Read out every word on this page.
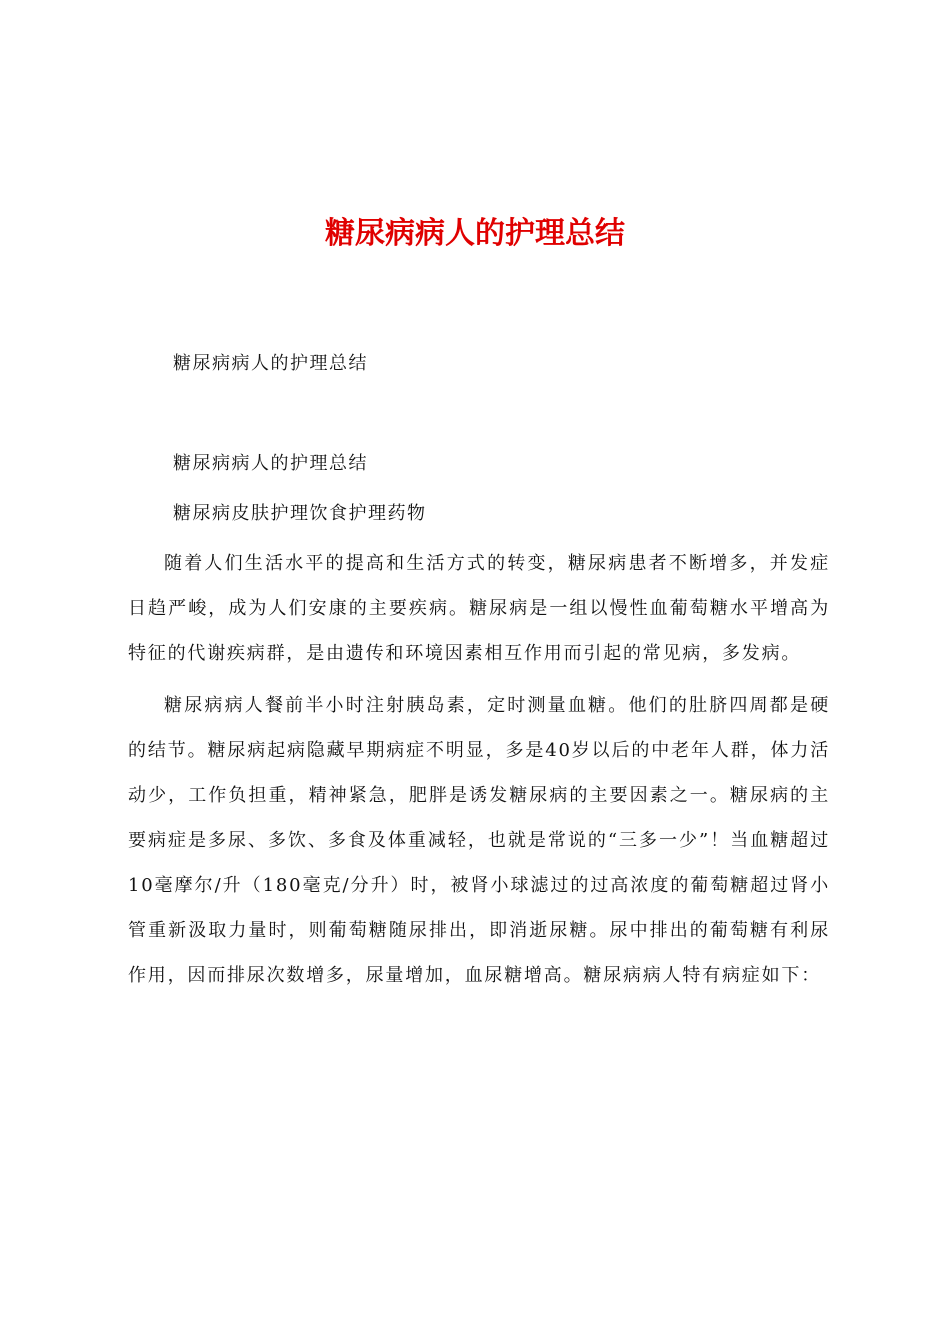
糖尿病病人的护理总结

糖尿病病人的护理总结

糖尿病病人的护理总结

糖尿病皮肤护理饮食护理药物

随着人们生活水平的提高和生活方式的转变，糖尿病患者不断增多，并发症日趋严峻，成为人们安康的主要疾病。糖尿病是一组以慢性血葡萄糖水平增高为特征的代谢疾病群，是由遗传和环境因素相互作用而引起的常见病，多发病。

糖尿病病人餐前半小时注射胰岛素，定时测量血糖。他们的肚脐四周都是硬的结节。糖尿病起病隐藏早期病症不明显，多是40岁以后的中老年人群，体力活动少，工作负担重，精神紧急，肥胖是诱发糖尿病的主要因素之一。糖尿病的主要病症是多尿、多饮、多食及体重减轻，也就是常说的“三多一少”！当血糖超过10毫摩尔/升（180毫克/分升）时，被肾小球滤过的过高浓度的葡萄糖超过肾小管重新汲取力量时，则葡萄糖随尿排出，即消逝尿糖。尿中排出的葡萄糖有利尿作用，因而排尿次数增多，尿量增加，血尿糖增高。糖尿病病人特有病症如下：
